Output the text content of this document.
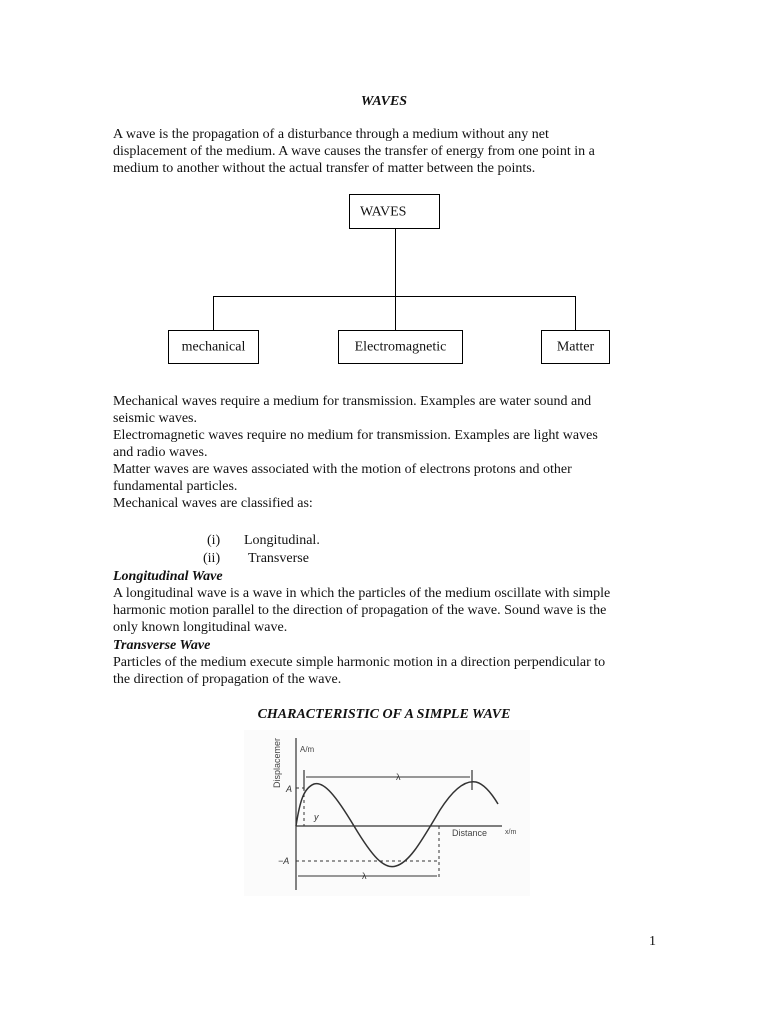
WAVES

A wave is the propagation of a disturbance through a medium without any net
displacement of the medium. A wave causes the transfer of energy from one point in a
medium to another without the actual transfer of matter between the points.

WAVES
mechanical	Electromagnetic	Matter

Mechanical waves require a medium for transmission. Examples are water sound and
seismic waves.
Electromagnetic waves require no medium for transmission. Examples are light waves
and radio waves.
Matter waves are waves associated with the motion of electrons protons and other
fundamental particles.
Mechanical waves are classified as:

(i) Longitudinal.
(ii) Transverse
Longitudinal Wave

A longitudinal wave is a wave in which the particles of the medium oscillate with simple
harmonic motion parallel to the direction of propagation of the wave. Sound wave is the
only known longitudinal wave.

Transverse Wave

Particles of the medium execute simple harmonic motion in a direction perpendicular to
the direction of propagation of the wave.

CHARACTERISTIC OF A SIMPLE WAVE
Displacemer A/m
A
−A
λ
λ
y
Distance	x/m
1
